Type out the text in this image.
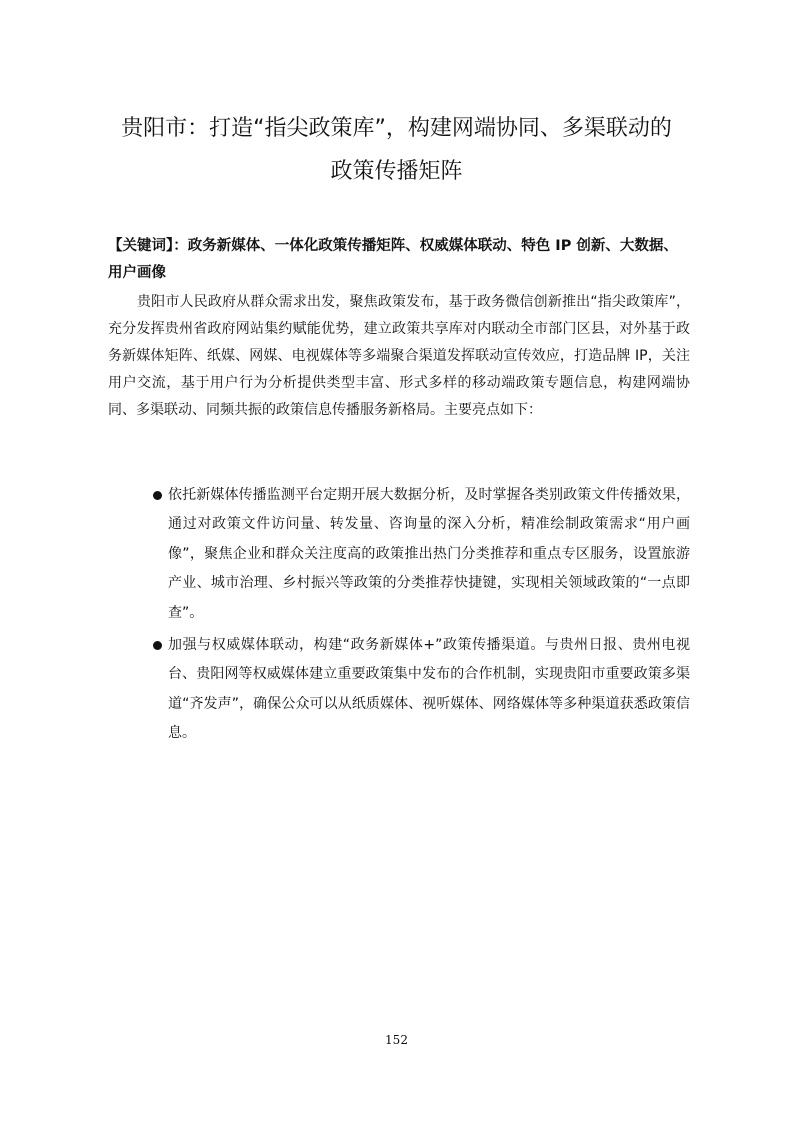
贵阳市：打造“指尖政策库”，构建网端协同、多渠联动的
政策传播矩阵

【关键词】：政务新媒体、一体化政策传播矩阵、权威媒体联动、特色 IP 创新、大数据、用户画像

贵阳市人民政府从群众需求出发，聚焦政策发布，基于政务微信创新推出“指尖政策库”，充分发挥贵州省政府网站集约赋能优势，建立政策共享库对内联动全市部门区县，对外基于政务新媒体矩阵、纸媒、网媒、电视媒体等多端聚合渠道发挥联动宣传效应，打造品牌 IP，关注用户交流，基于用户行为分析提供类型丰富、形式多样的移动端政策专题信息，构建网端协同、多渠联动、同频共振的政策信息传播服务新格局。主要亮点如下：

依托新媒体传播监测平台定期开展大数据分析，及时掌握各类别政策文件传播效果，通过对政策文件访问量、转发量、咨询量的深入分析，精准绘制政策需求“用户画像”，聚焦企业和群众关注度高的政策推出热门分类推荐和重点专区服务，设置旅游产业、城市治理、乡村振兴等政策的分类推荐快捷键，实现相关领域政策的“一点即查”。
加强与权威媒体联动，构建“政务新媒体+”政策传播渠道。与贵州日报、贵州电视台、贵阳网等权威媒体建立重要政策集中发布的合作机制，实现贵阳市重要政策多渠道“齐发声”，确保公众可以从纸质媒体、视听媒体、网络媒体等多种渠道获悉政策信息。
152
